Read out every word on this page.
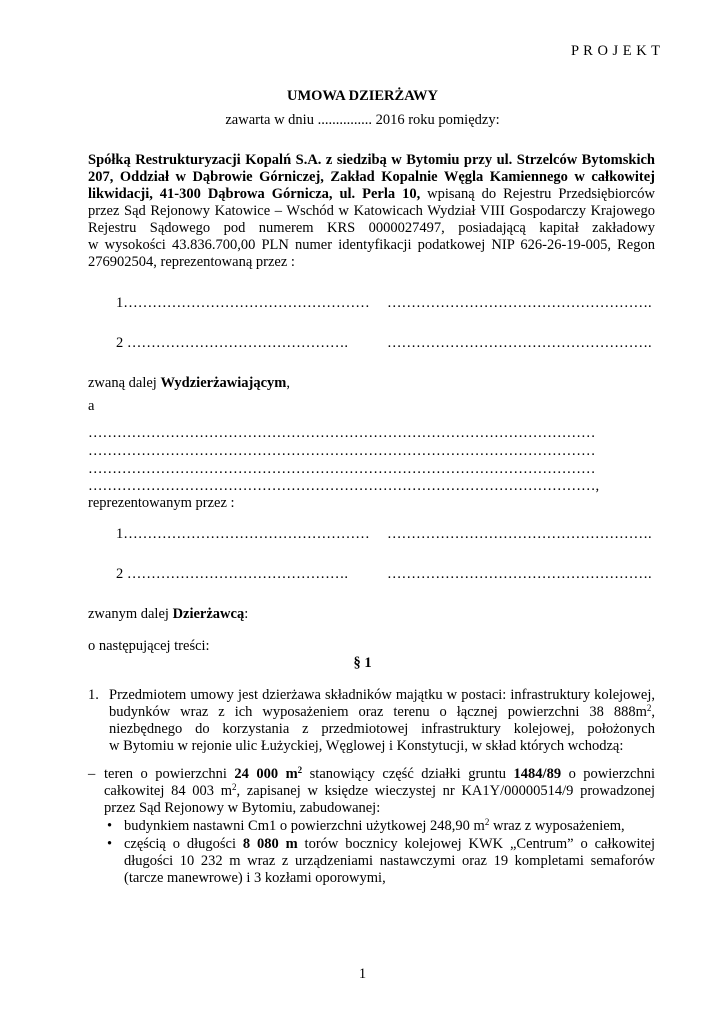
P R O J E K T
UMOWA DZIERŻAWY
zawarta w dniu ............... 2016 roku pomiędzy:
Spółką Restrukturyzacji Kopalń S.A. z siedzibą w Bytomiu przy ul. Strzelców Bytomskich
207, Oddział w Dąbrowie Górniczej, Zakład Kopalnie Węgla Kamiennego w całkowitej
likwidacji, 41-300 Dąbrowa Górnicza, ul. Perla 10, wpisaną do Rejestru Przedsiębiorców
przez Sąd Rejonowy Katowice – Wschód w Katowicach Wydział VIII Gospodarczy Krajowego
Rejestru Sądowego pod numerem KRS 0000027497, posiadającą kapitał zakładowy
w wysokości 43.836.700,00 PLN numer identyfikacji podatkowej NIP 626-26-19-005, Regon
276902504, reprezentowaną przez :
1…………………………………………… ……………………………………………….
2 ……………………………………….	……………………………………………….
zwaną dalej Wydzierżawiającym,
a
……………………………………………………………………………………………
……………………………………………………………………………………………
……………………………………………………………………………………………
……………………………………………………………………………………………,
reprezentowanym przez :
1…………………………………………… ……………………………………………….
2 ……………………………………….	……………………………………………….
zwanym dalej Dzierżawcą:
o następującej treści:
§ 1
1. Przedmiotem umowy jest dzierżawa składników majątku w postaci: infrastruktury kolejowej,
budynków wraz z ich wyposażeniem oraz terenu o łącznej powierzchni 38 $888m^2$,
niezbędnego do korzystania z przedmiotowej infrastruktury kolejowej, położonych
w Bytomiu w rejonie ulic Łużyckiej, Węglowej i Konstytucji, w skład których wchodzą:
– teren o powierzchni 24 000 $m^2$ stanowiący część działki gruntu 1484/89 o powierzchni
całkowitej 84 003 $m^2$, zapisanej w księdze wieczystej nr KA1Y/00000514/9 prowadzonej
przez Sąd Rejonowy w Bytomiu, zabudowanej:
• budynkiem nastawni Cm1 o powierzchni użytkowej 248,90 $m^2$ wraz z wyposażeniem,
• częścią o długości 8 080 m torów bocznicy kolejowej KWK „Centrum” o całkowitej
długości 10 232 m wraz z urządzeniami nastawczymi oraz 19 kompletami semaforów
(tarcze manewrowe) i 3 kozłami oporowymi,
1
